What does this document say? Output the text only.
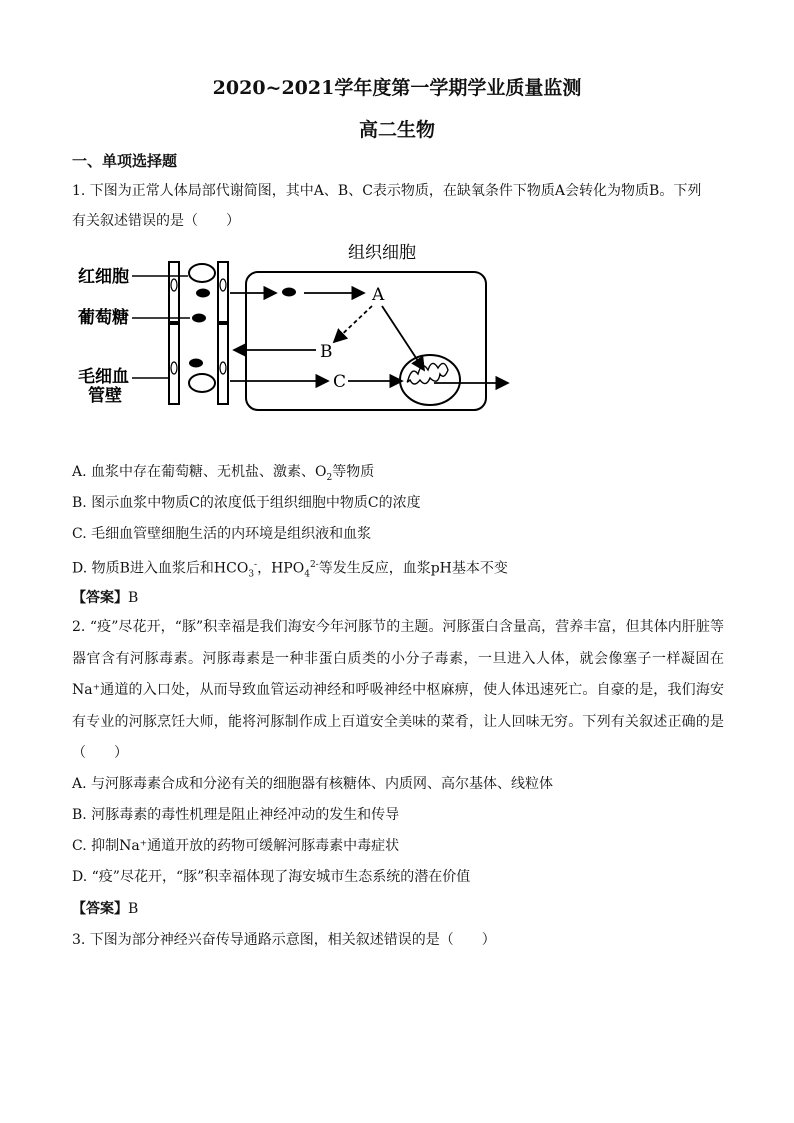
2020~2021学年度第一学期学业质量监测
高二生物
一、单项选择题
1. 下图为正常人体局部代谢简图，其中A、B、C表示物质，在缺氧条件下物质A会转化为物质B。下列
有关叙述错误的是（　　）
组织细胞
红细胞
葡萄糖
毛细血
管壁
A
B
C
A. 血浆中存在葡萄糖、无机盐、激素、$O_2$等物质
B. 图示血浆中物质C的浓度低于组织细胞中物质C的浓度
C. 毛细血管壁细胞生活的内环境是组织液和血浆
D. 物质B进入血浆后和$HCO_3^-$，$HPO_4^{2-}$等发生反应，血浆pH基本不变
【答案】B
2. “疫”尽花开，“豚”积幸福是我们海安今年河豚节的主题。河豚蛋白含量高，营养丰富，但其体内肝脏等器官含有河豚毒素。河豚毒素是一种非蛋白质类的小分子毒素，一旦进入人体，就会像塞子一样凝固在Na⁺通道的入口处，从而导致血管运动神经和呼吸神经中枢麻痹，使人体迅速死亡。自豪的是，我们海安有专业的河豚烹饪大师，能将河豚制作成上百道安全美味的菜肴，让人回味无穷。下列有关叙述正确的是（　　）
A. 与河豚毒素合成和分泌有关的细胞器有核糖体、内质网、高尔基体、线粒体
B. 河豚毒素的毒性机理是阻止神经冲动的发生和传导
C. 抑制Na⁺通道开放的药物可缓解河豚毒素中毒症状
D. “疫”尽花开，“豚”积幸福体现了海安城市生态系统的潜在价值
【答案】B
3. 下图为部分神经兴奋传导通路示意图，相关叙述错误的是（　　）
